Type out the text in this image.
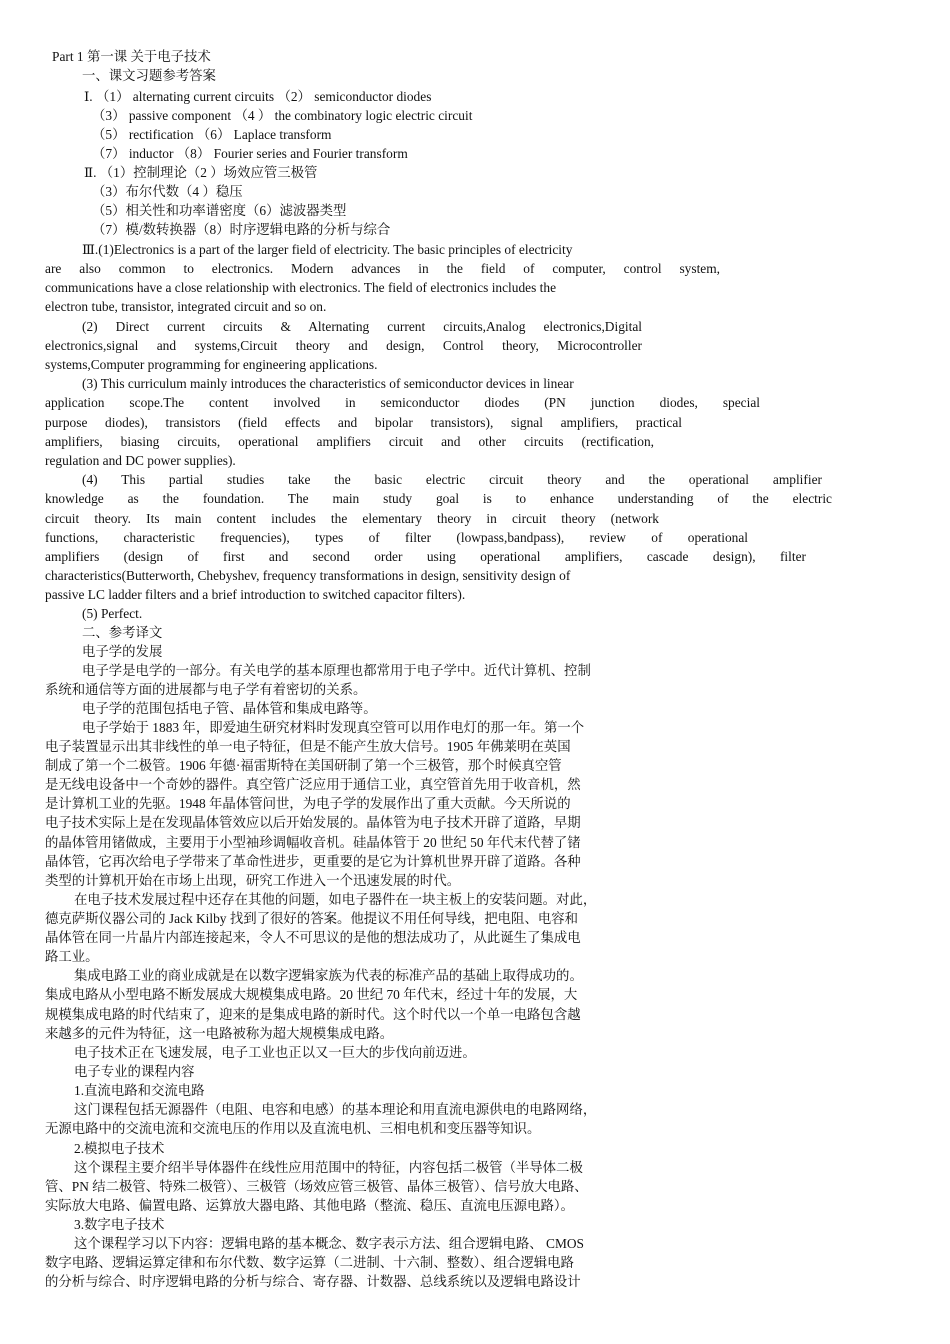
Part 1 第一课 关于电子技术
一、课文习题参考答案
Ⅰ. （1） alternating current circuits （2） semiconductor diodes
（3） passive component （4 ） the combinatory logic electric circuit
（5） rectification （6） Laplace transform
（7） inductor （8） Fourier series and Fourier transform
Ⅱ. （1）控制理论（2 ）场效应管三极管
（3）布尔代数（4 ）稳压
（5）相关性和功率谱密度（6）滤波器类型
（7）模/数转换器（8）时序逻辑电路的分析与综合
Ⅲ.(1)Electronics is a part of the larger field of electricity. The basic principles of electricity
are also common to electronics. Modern advances in the field of computer, control system,
communications have a close relationship with electronics. The field of electronics includes the
electron tube, transistor, integrated circuit and so on.
(2) Direct current circuits & Alternating current circuits,Analog electronics,Digital
electronics,signal and systems,Circuit theory and design, Control theory, Microcontroller
systems,Computer programming for engineering applications.
(3) This curriculum mainly introduces the characteristics of semiconductor devices in linear
application scope.The content involved in semiconductor diodes (PN junction diodes, special
purpose diodes), transistors (field effects and bipolar transistors), signal amplifiers, practical
amplifiers, biasing circuits, operational amplifiers circuit and other circuits (rectification,
regulation and DC power supplies).
(4) This partial studies take the basic electric circuit theory and the operational amplifier
knowledge as the foundation. The main study goal is to enhance understanding of the electric
circuit theory. Its main content includes the elementary theory in circuit theory (network
functions, characteristic frequencies), types of filter (lowpass,bandpass), review of operational
amplifiers (design of first and second order using operational amplifiers, cascade design), filter
characteristics(Butterworth, Chebyshev, frequency transformations in design, sensitivity design of
passive LC ladder filters and a brief introduction to switched capacitor filters).
(5) Perfect.
二、参考译文
电子学的发展
电子学是电学的一部分。有关电学的基本原理也都常用于电子学中。近代计算机、控制
系统和通信等方面的进展都与电子学有着密切的关系。
电子学的范围包括电子管、晶体管和集成电路等。
电子学始于 1883 年，即爱迪生研究材料时发现真空管可以用作电灯的那一年。第一个
电子装置显示出其非线性的单一电子特征，但是不能产生放大信号。1905 年佛莱明在英国
制成了第一个二极管。1906 年德·福雷斯特在美国研制了第一个三极管，那个时候真空管
是无线电设备中一个奇妙的器件。真空管广泛应用于通信工业，真空管首先用于收音机，然
是计算机工业的先驱。1948 年晶体管问世，为电子学的发展作出了重大贡献。今天所说的
电子技术实际上是在发现晶体管效应以后开始发展的。晶体管为电子技术开辟了道路，早期
的晶体管用锗做成，主要用于小型袖珍调幅收音机。硅晶体管于 20 世纪 50 年代末代替了锗
晶体管，它再次给电子学带来了革命性进步，更重要的是它为计算机世界开辟了道路。各种
类型的计算机开始在市场上出现，研究工作进入一个迅速发展的时代。
在电子技术发展过程中还存在其他的问题，如电子器件在一块主板上的安装问题。对此，
德克萨斯仪器公司的 Jack Kilby 找到了很好的答案。他提议不用任何导线，把电阻、电容和
晶体管在同一片晶片内部连接起来，令人不可思议的是他的想法成功了，从此诞生了集成电
路工业。
集成电路工业的商业成就是在以数字逻辑家族为代表的标准产品的基础上取得成功的。
集成电路从小型电路不断发展成大规模集成电路。20 世纪 70 年代末，经过十年的发展，大
规模集成电路的时代结束了，迎来的是集成电路的新时代。这个时代以一个单一电路包含越
来越多的元件为特征，这一电路被称为超大规模集成电路。
电子技术正在飞速发展，电子工业也正以又一巨大的步伐向前迈进。
电子专业的课程内容
1.直流电路和交流电路
这门课程包括无源器件（电阻、电容和电感）的基本理论和用直流电源供电的电路网络，
无源电路中的交流电流和交流电压的作用以及直流电机、三相电机和变压器等知识。
2.模拟电子技术
这个课程主要介绍半导体器件在线性应用范围中的特征，内容包括二极管（半导体二极
管、PN 结二极管、特殊二极管）、三极管（场效应管三极管、晶体三极管）、信号放大电路、
实际放大电路、偏置电路、运算放大器电路、其他电路（整流、稳压、直流电压源电路）。
3.数字电子技术
这个课程学习以下内容：逻辑电路的基本概念、数字表示方法、组合逻辑电路、 CMOS
数字电路、逻辑运算定律和布尔代数、数字运算（二进制、十六制、整数）、组合逻辑电路
的分析与综合、时序逻辑电路的分析与综合、寄存器、计数器、总线系统以及逻辑电路设计
